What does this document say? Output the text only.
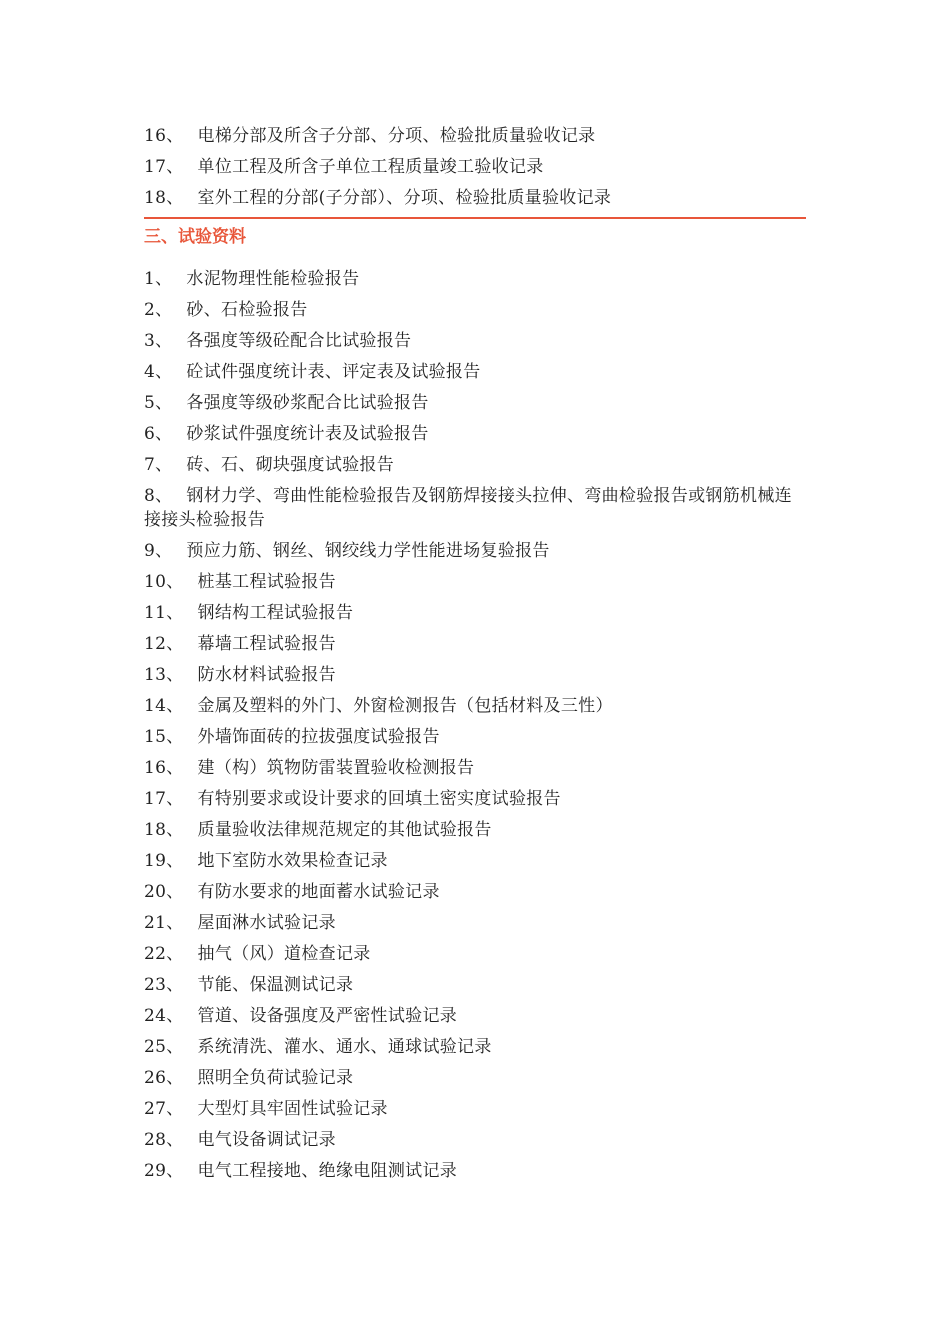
16、 电梯分部及所含子分部、分项、检验批质量验收记录
17、 单位工程及所含子单位工程质量竣工验收记录
18、 室外工程的分部(子分部）、分项、检验批质量验收记录
三、试验资料
1、 水泥物理性能检验报告
2、 砂、石检验报告
3、 各强度等级砼配合比试验报告
4、 砼试件强度统计表、评定表及试验报告
5、 各强度等级砂浆配合比试验报告
6、 砂浆试件强度统计表及试验报告
7、 砖、石、砌块强度试验报告
8、 钢材力学、弯曲性能检验报告及钢筋焊接接头拉伸、弯曲检验报告或钢筋机械连接接头检验报告
9、 预应力筋、钢丝、钢绞线力学性能进场复验报告
10、 桩基工程试验报告
11、 钢结构工程试验报告
12、 幕墙工程试验报告
13、 防水材料试验报告
14、 金属及塑料的外门、外窗检测报告（包括材料及三性）
15、 外墙饰面砖的拉拔强度试验报告
16、 建（构）筑物防雷装置验收检测报告
17、 有特别要求或设计要求的回填土密实度试验报告
18、 质量验收法律规范规定的其他试验报告
19、 地下室防水效果检查记录
20、 有防水要求的地面蓄水试验记录
21、 屋面淋水试验记录
22、 抽气（风）道检查记录
23、 节能、保温测试记录
24、 管道、设备强度及严密性试验记录
25、 系统清洗、灌水、通水、通球试验记录
26、 照明全负荷试验记录
27、 大型灯具牢固性试验记录
28、 电气设备调试记录
29、 电气工程接地、绝缘电阻测试记录
